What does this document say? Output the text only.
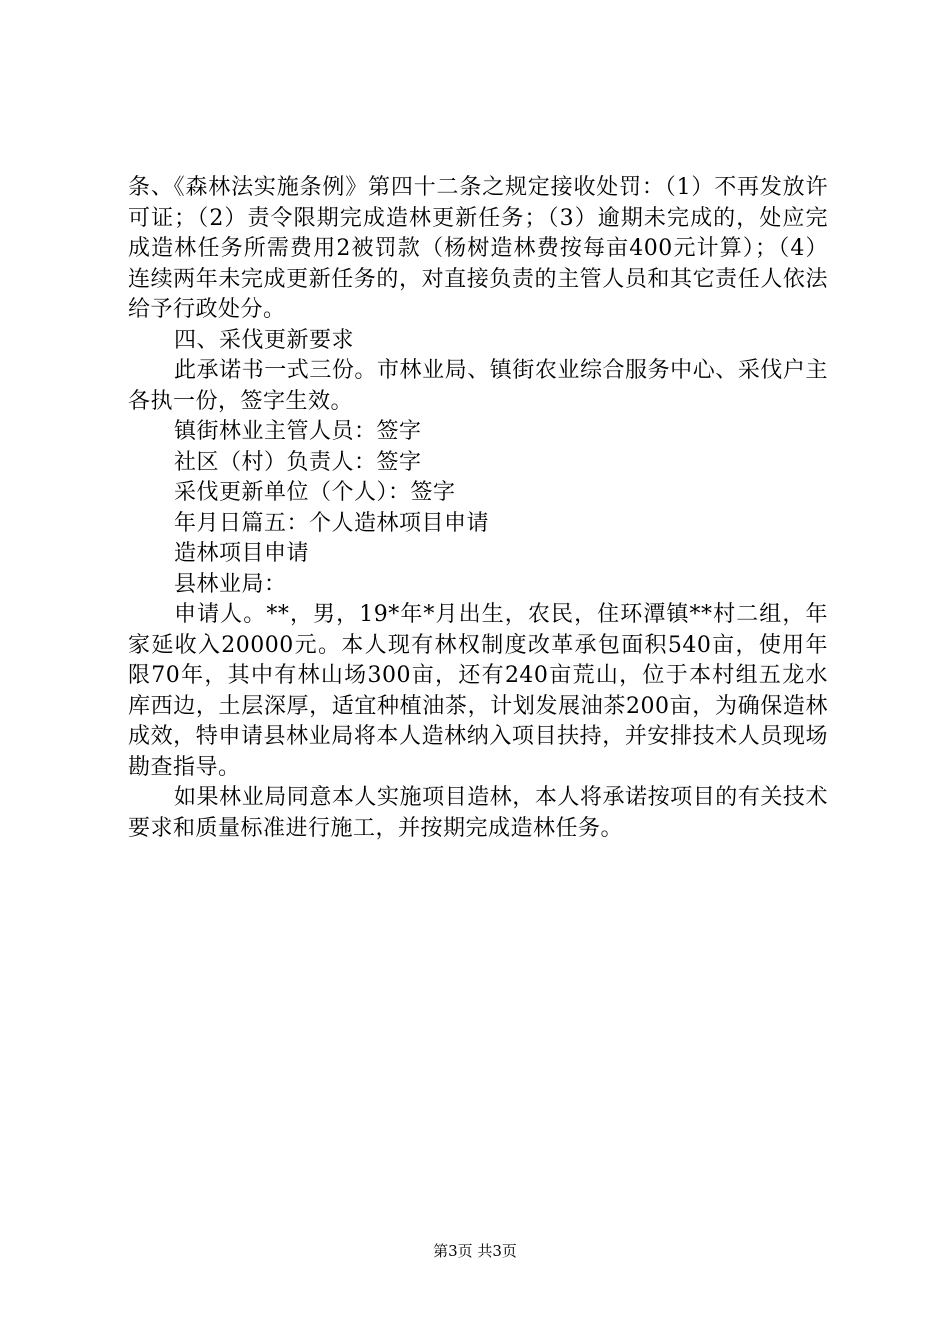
条、《森林法实施条例》第四十二条之规定接收处罚：（1）不再发放许可证；（2）责令限期完成造林更新任务；（3）逾期未完成的，处应完成造林任务所需费用2被罚款（杨树造林费按每亩400元计算）；（4）连续两年未完成更新任务的，对直接负责的主管人员和其它责任人依法给予行政处分。

四、采伐更新要求

此承诺书一式三份。市林业局、镇街农业综合服务中心、采伐户主各执一份，签字生效。

镇街林业主管人员：签字

社区（村）负责人：签字

采伐更新单位（个人）：签字

年月日篇五：个人造林项目申请

造林项目申请

县林业局：

申请人。**，男，19*年*月出生，农民，住环潭镇**村二组，年家延收入20000元。本人现有林权制度改革承包面积540亩，使用年限70年，其中有林山场300亩，还有240亩荒山，位于本村组五龙水库西边，土层深厚，适宜种植油茶，计划发展油茶200亩，为确保造林成效，特申请县林业局将本人造林纳入项目扶持，并安排技术人员现场勘查指导。

如果林业局同意本人实施项目造林，本人将承诺按项目的有关技术要求和质量标准进行施工，并按期完成造林任务。

第3页 共3页
